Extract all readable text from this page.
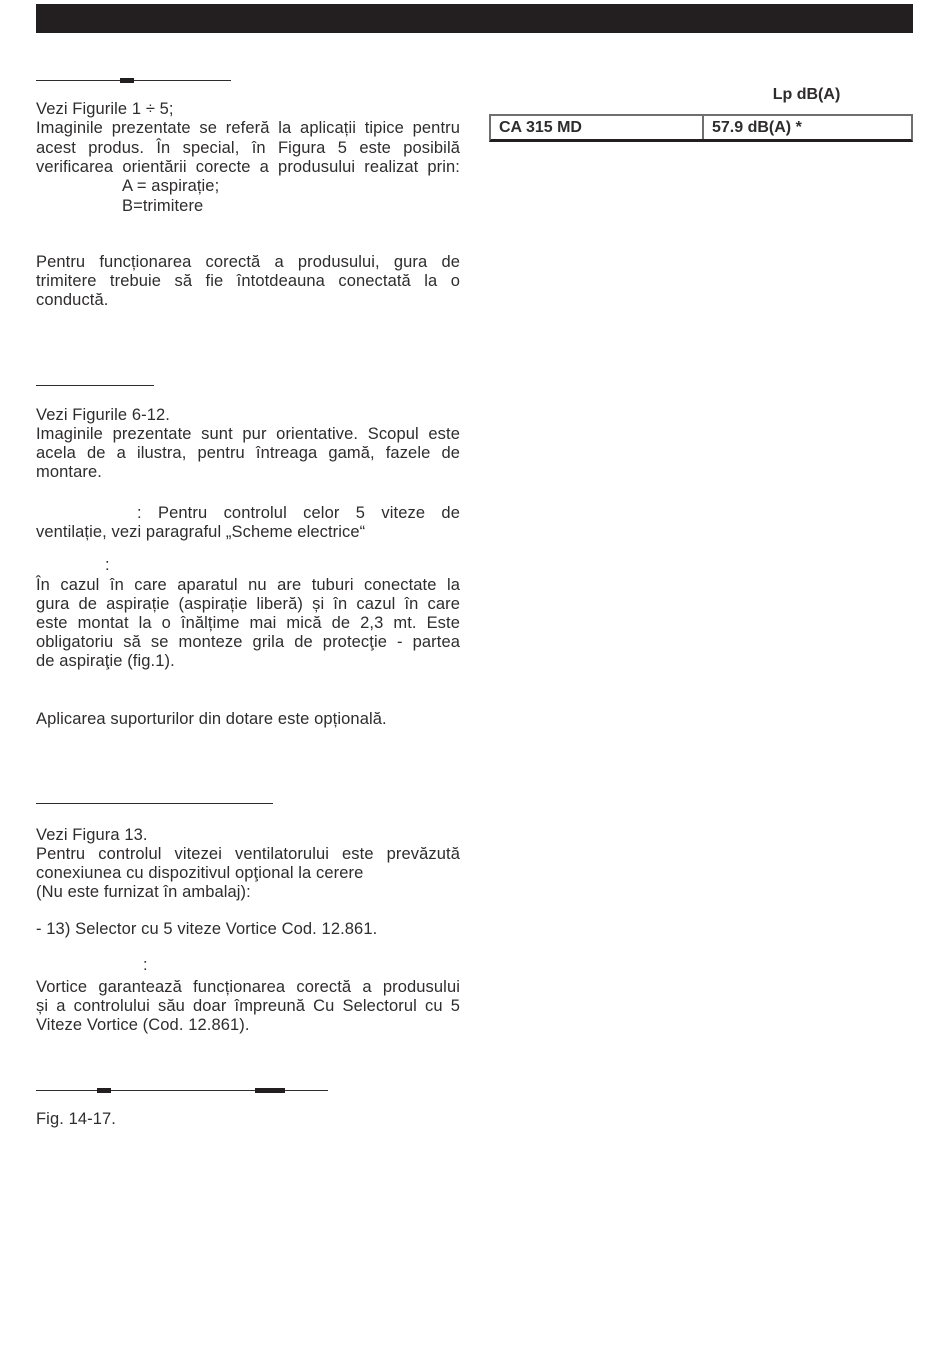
Vezi Figurile 1 ÷ 5;
Imaginile prezentate se referă la aplicații tipice pentru
acest produs. În special, în Figura 5 este posibilă
verificarea orientării corecte a produsului realizat prin:
A = aspirație;
B=trimitere
Pentru funcționarea corectă a produsului, gura de
trimitere trebuie să fie întotdeauna conectată la o
conductă.
Vezi Figurile 6-12.
Imaginile prezentate sunt pur orientative. Scopul este
acela de a ilustra, pentru întreaga gamă, fazele de
montare.
: Pentru controlul celor 5 viteze de
ventilație, vezi paragraful „Scheme electrice“
:
În cazul în care aparatul nu are tuburi conectate la
gura de aspirație (aspirație liberă) și în cazul în care
este montat la o înălțime mai mică de 2,3 mt. Este
obligatoriu să se monteze grila de protecţie - partea
de aspiraţie (fig.1).
Aplicarea suporturilor din dotare este opțională.
Vezi Figura 13.
Pentru controlul vitezei ventilatorului este prevăzută
conexiunea cu dispozitivul opţional la cerere
(Nu este furnizat în ambalaj):
- 13) Selector cu 5 viteze Vortice Cod. 12.861.
:
Vortice garantează funcționarea corectă a produsului
și a controlului său doar împreună Cu Selectorul cu 5
Viteze Vortice (Cod. 12.861).
Fig. 14-17.
Lp dB(A)
CA 315 MD	57.9 dB(A) *
